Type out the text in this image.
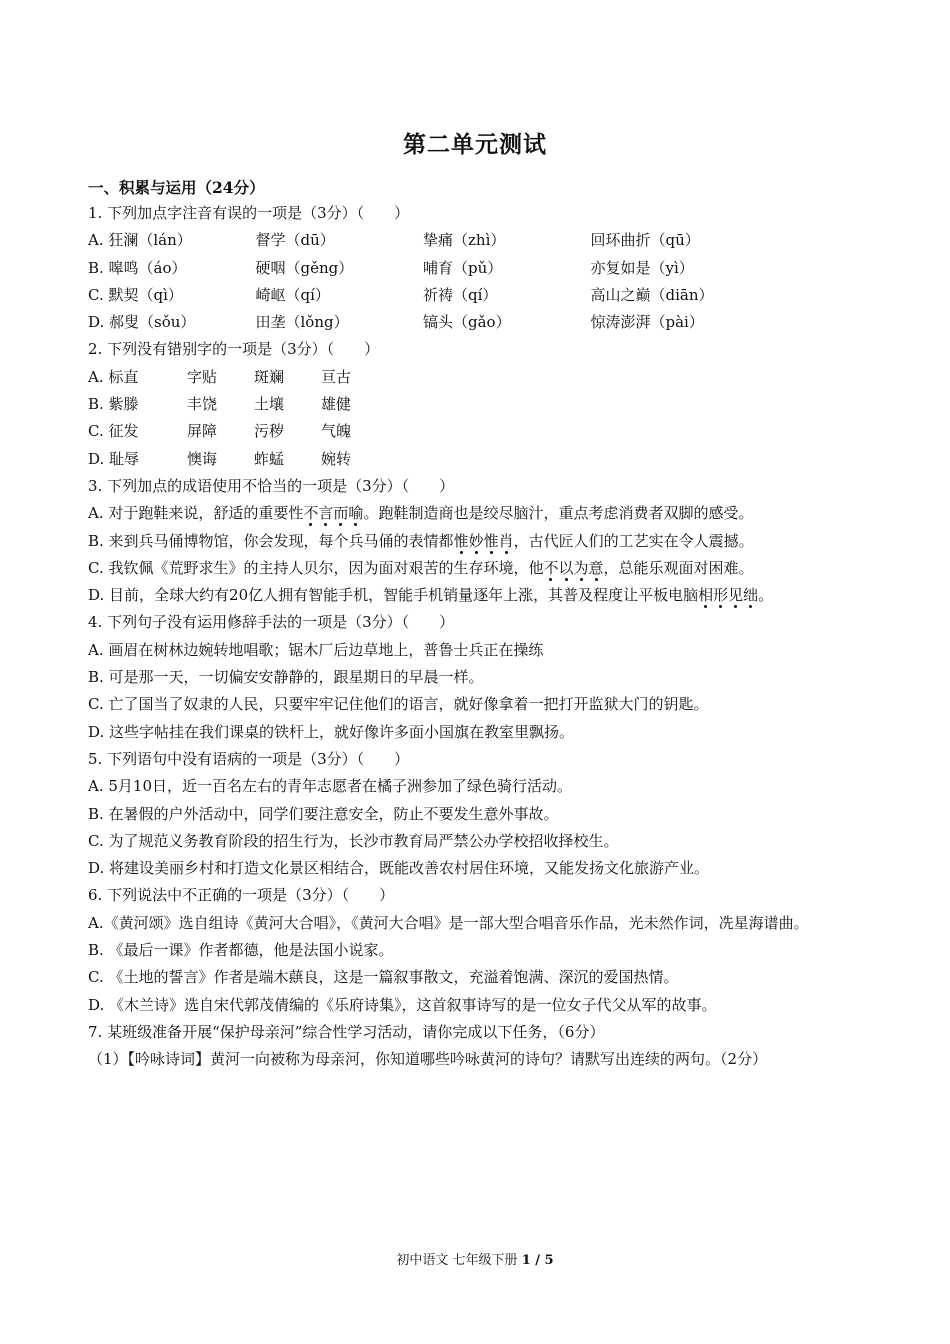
第二单元测试
一、积累与运用（24分）
1. 下列加点字注音有误的一项是（3分）（　　）
A. 狂澜（lán）	督学（dū）	挚痛（zhì）	回环曲折（qū）
B. 嗥鸣（áo）	硬咽（gěng）	哺育（pǔ）	亦复如是（yì）
C. 默契（qì）	崎岖（qí）	祈祷（qí）	高山之巅（diān）
D. 郝叟（sǒu）	田垄（lǒng）	镐头（gǎo）	惊涛澎湃（pài）
2. 下列没有错别字的一项是（3分）（　　）
A. 标直	字贴	斑斓	亘古
B. 紫滕	丰饶	土壤	雄健
C. 征发	屏障	污秽	气魄
D. 耻辱	懊诲	蚱蜢	婉转
3. 下列加点的成语使用不恰当的一项是（3分）（　　）
A. 对于跑鞋来说，舒适的重要性不言而喻。跑鞋制造商也是绞尽脑汁，重点考虑消费者双脚的感受。
B. 来到兵马俑博物馆，你会发现，每个兵马俑的表情都惟妙惟肖，古代匠人们的工艺实在令人震撼。
C. 我钦佩《荒野求生》的主持人贝尔，因为面对艰苦的生存环境，他不以为意，总能乐观面对困难。
D. 目前，全球大约有20亿人拥有智能手机，智能手机销量逐年上涨，其普及程度让平板电脑相形见绌。
4. 下列句子没有运用修辞手法的一项是（3分）（　　）
A. 画眉在树林边婉转地唱歌；锯木厂后边草地上，普鲁士兵正在操练
B. 可是那一天，一切偏安安静静的，跟星期日的早晨一样。
C. 亡了国当了奴隶的人民，只要牢牢记住他们的语言，就好像拿着一把打开监狱大门的钥匙。
D. 这些字帖挂在我们课桌的铁杆上，就好像许多面小国旗在教室里飘扬。
5. 下列语句中没有语病的一项是（3分）（　　）
A. 5月10日，近一百名左右的青年志愿者在橘子洲参加了绿色骑行活动。
B. 在暑假的户外活动中，同学们要注意安全，防止不要发生意外事故。
C. 为了规范义务教育阶段的招生行为，长沙市教育局严禁公办学校招收择校生。
D. 将建设美丽乡村和打造文化景区相结合，既能改善农村居住环境，又能发扬文化旅游产业。
6. 下列说法中不正确的一项是（3分）（　　）
A.《黄河颂》选自组诗《黄河大合唱》，《黄河大合唱》是一部大型合唱音乐作品，光未然作词，冼星海谱曲。
B. 《最后一课》作者都德，他是法国小说家。
C. 《土地的誓言》作者是端木蕻良，这是一篇叙事散文，充溢着饱满、深沉的爱国热情。
D. 《木兰诗》选自宋代郭茂倩编的《乐府诗集》，这首叙事诗写的是一位女子代父从军的故事。
7. 某班级准备开展“保护母亲河”综合性学习活动，请你完成以下任务，（6分）
（1）【吟咏诗词】黄河一向被称为母亲河，你知道哪些吟咏黄河的诗句？请默写出连续的两句。（2分）
初中语文 七年级下册 1 / 5
